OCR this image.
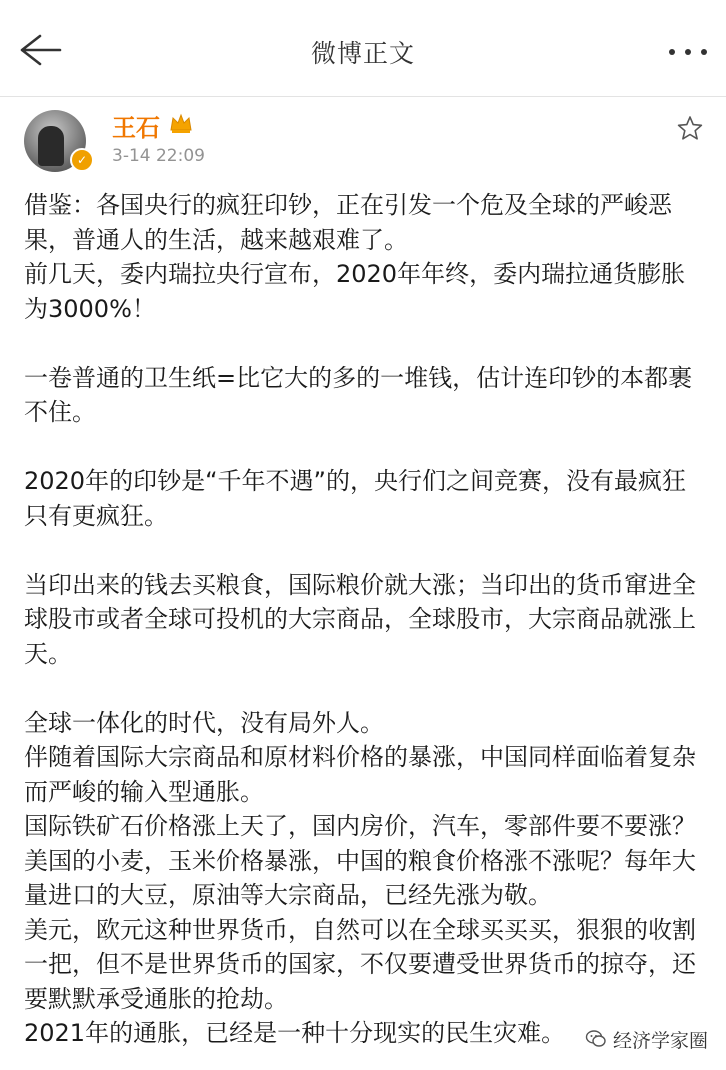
微博正文
✓
王石
3-14 22:09

借鉴：各国央行的疯狂印钞，正在引发一个危及全球的严峻恶果，普通人的生活，越来越艰难了。

前几天，委内瑞拉央行宣布，2020年年终，委内瑞拉通货膨胀为3000%！

一卷普通的卫生纸=比它大的多的一堆钱，估计连印钞的本都裹不住。

2020年的印钞是“千年不遇”的，央行们之间竞赛，没有最疯狂只有更疯狂。

当印出来的钱去买粮食，国际粮价就大涨；当印出的货币窜进全球股市或者全球可投机的大宗商品，全球股市，大宗商品就涨上天。

全球一体化的时代，没有局外人。

伴随着国际大宗商品和原材料价格的暴涨，中国同样面临着复杂而严峻的输入型通胀。

国际铁矿石价格涨上天了，国内房价，汽车，零部件要不要涨？美国的小麦，玉米价格暴涨，中国的粮食价格涨不涨呢？每年大量进口的大豆，原油等大宗商品，已经先涨为敬。

美元，欧元这种世界货币，自然可以在全球买买买，狠狠的收割一把，但不是世界货币的国家，不仅要遭受世界货币的掠夺，还要默默承受通胀的抢劫。

2021年的通胀，已经是一种十分现实的民生灾难。	经济学家圈
